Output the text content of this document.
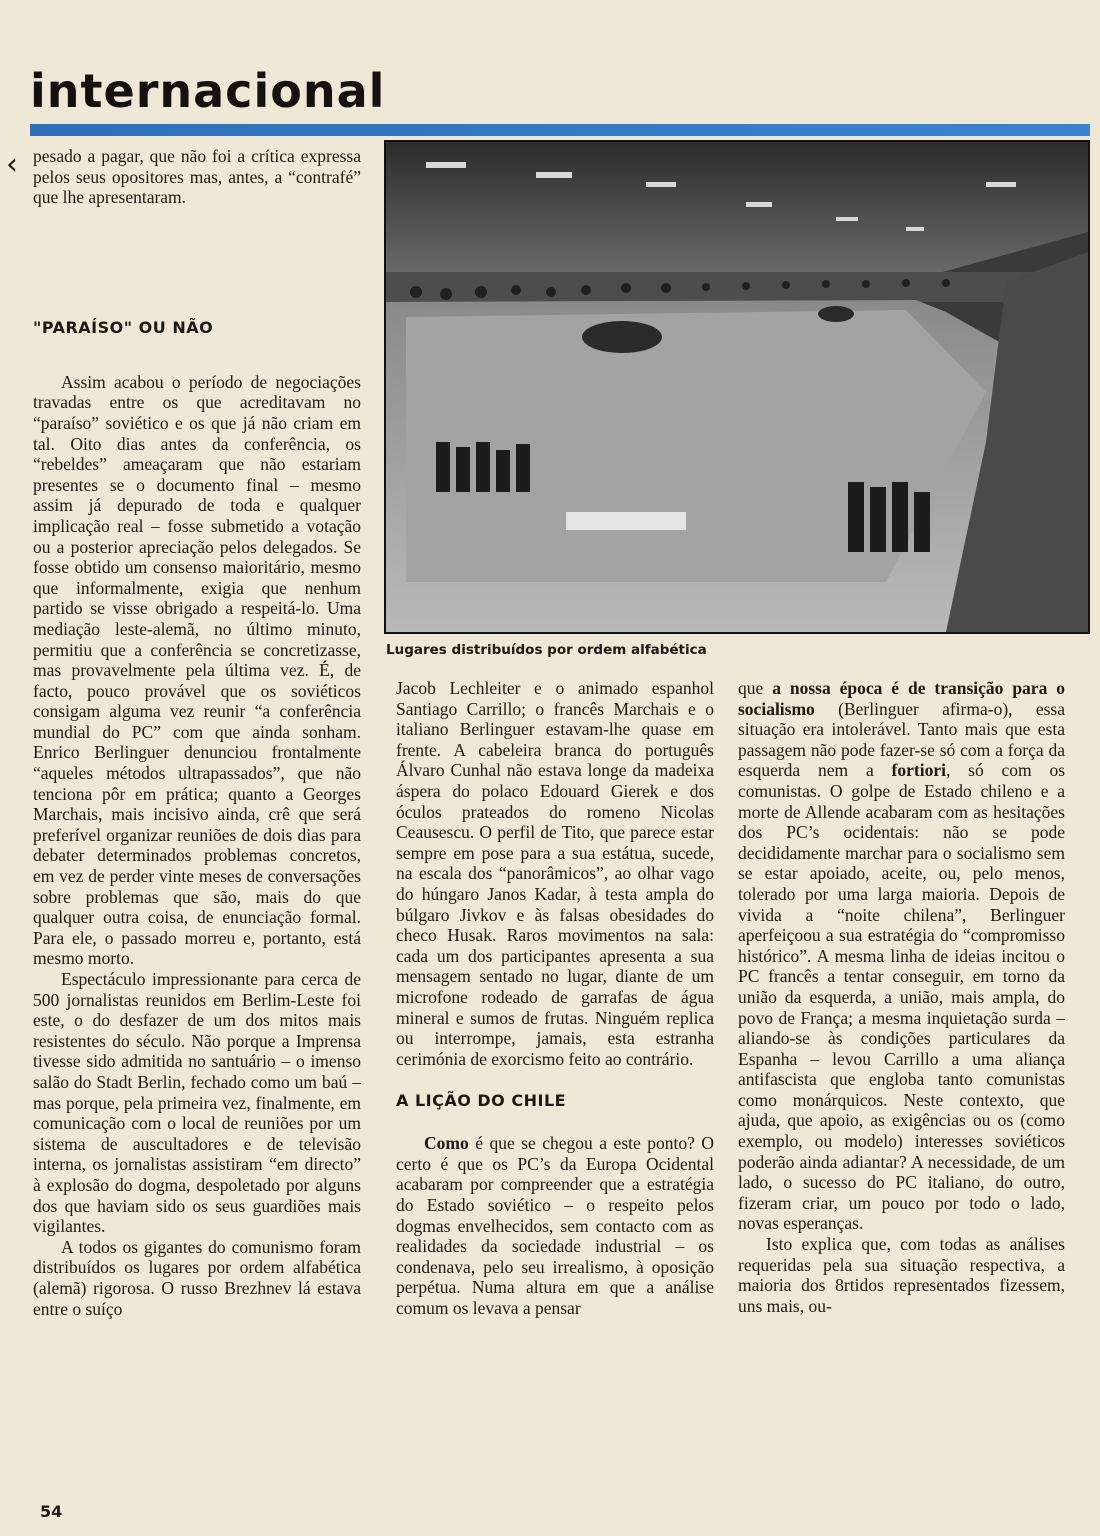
‹
internacional

pesado a pagar, que não foi a crítica expressa pelos seus opositores mas, antes, a “contrafé” que lhe apresentaram.

"PARAÍSO" OU NÃO

Assim acabou o período de negociações travadas entre os que acreditavam no “paraíso” soviético e os que já não criam em tal. Oito dias antes da conferência, os “rebeldes” ameaçaram que não estariam presentes se o documento final – mesmo assim já depurado de toda e qualquer implicação real – fosse submetido a votação ou a posterior apreciação pelos delegados. Se fosse obtido um consenso maioritário, mesmo que informalmente, exigia que nenhum partido se visse obrigado a respeitá-lo. Uma mediação leste-alemã, no último minuto, permitiu que a conferência se concretizasse, mas provavelmente pela última vez. É, de facto, pouco provável que os soviéticos consigam alguma vez reunir “a conferência mundial do PC” com que ainda sonham. Enrico Berlinguer denunciou frontalmente “aqueles métodos ultrapassados”, que não tenciona pôr em prática; quanto a Georges Marchais, mais incisivo ainda, crê que será preferível organizar reuniões de dois dias para debater determinados problemas concretos, em vez de perder vinte meses de conversações sobre problemas que são, mais do que qualquer outra coisa, de enunciação formal. Para ele, o passado morreu e, portanto, está mesmo morto.

Espectáculo impressionante para cerca de 500 jornalistas reunidos em Berlim-Leste foi este, o do desfazer de um dos mitos mais resistentes do século. Não porque a Imprensa tivesse sido admitida no santuário – o imenso salão do Stadt Berlin, fechado como um baú – mas porque, pela primeira vez, finalmente, em comunicação com o local de reuniões por um sistema de auscultadores e de televisão interna, os jornalistas assistiram “em directo” à explosão do dogma, despoletado por alguns dos que haviam sido os seus guardiões mais vigilantes.

A todos os gigantes do comunismo foram distribuídos os lugares por ordem alfabética (alemã) rigorosa. O russo Brezhnev lá estava entre o suíço

Lugares distribuídos por ordem alfabética

Jacob Lechleiter e o animado espanhol Santiago Carrillo; o francês Marchais e o italiano Berlinguer estavam-lhe quase em frente. A cabeleira branca do português Álvaro Cunhal não estava longe da madeixa áspera do polaco Edouard Gierek e dos óculos prateados do romeno Nicolas Ceausescu. O perfil de Tito, que parece estar sempre em pose para a sua estátua, sucede, na escala dos “panorâmicos”, ao olhar vago do húngaro Janos Kadar, à testa ampla do búlgaro Jivkov e às falsas obesidades do checo Husak. Raros movimentos na sala: cada um dos participantes apresenta a sua mensagem sentado no lugar, diante de um microfone rodeado de garrafas de água mineral e sumos de frutas. Ninguém replica ou interrompe, jamais, esta estranha cerimónia de exorcismo feito ao contrário.

A LIÇÃO DO CHILE

Como é que se chegou a este ponto? O certo é que os PC’s da Europa Ocidental acabaram por compreender que a estratégia do Estado soviético – o respeito pelos dogmas envelhecidos, sem contacto com as realidades da sociedade industrial – os condenava, pelo seu irrealismo, à oposição perpétua. Numa altura em que a análise comum os levava a pensar

que a nossa época é de transição para o socialismo (Berlinguer afirma-o), essa situação era intolerável. Tanto mais que esta passagem não pode fazer-se só com a força da esquerda nem a fortiori, só com os comunistas. O golpe de Estado chileno e a morte de Allende acabaram com as hesitações dos PC’s ocidentais: não se pode decididamente marchar para o socialismo sem se estar apoiado, aceite, ou, pelo menos, tolerado por uma larga maioria. Depois de vivida a “noite chilena”, Berlinguer aperfeiçoou a sua estratégia do “compromisso histórico”. A mesma linha de ideias incitou o PC francês a tentar conseguir, em torno da união da esquerda, a união, mais ampla, do povo de França; a mesma inquietação surda – aliando-se às condições particulares da Espanha – levou Carrillo a uma aliança antifascista que engloba tanto comunistas como monárquicos. Neste contexto, que ajuda, que apoio, as exigências ou os (como exemplo, ou modelo) interesses soviéticos poderão ainda adiantar? A necessidade, de um lado, o sucesso do PC italiano, do outro, fizeram criar, um pouco por todo o lado, novas esperanças.

Isto explica que, com todas as análises requeridas pela sua situação respectiva, a maioria dos 8rtidos representados fizessem, uns mais, ou-

54
